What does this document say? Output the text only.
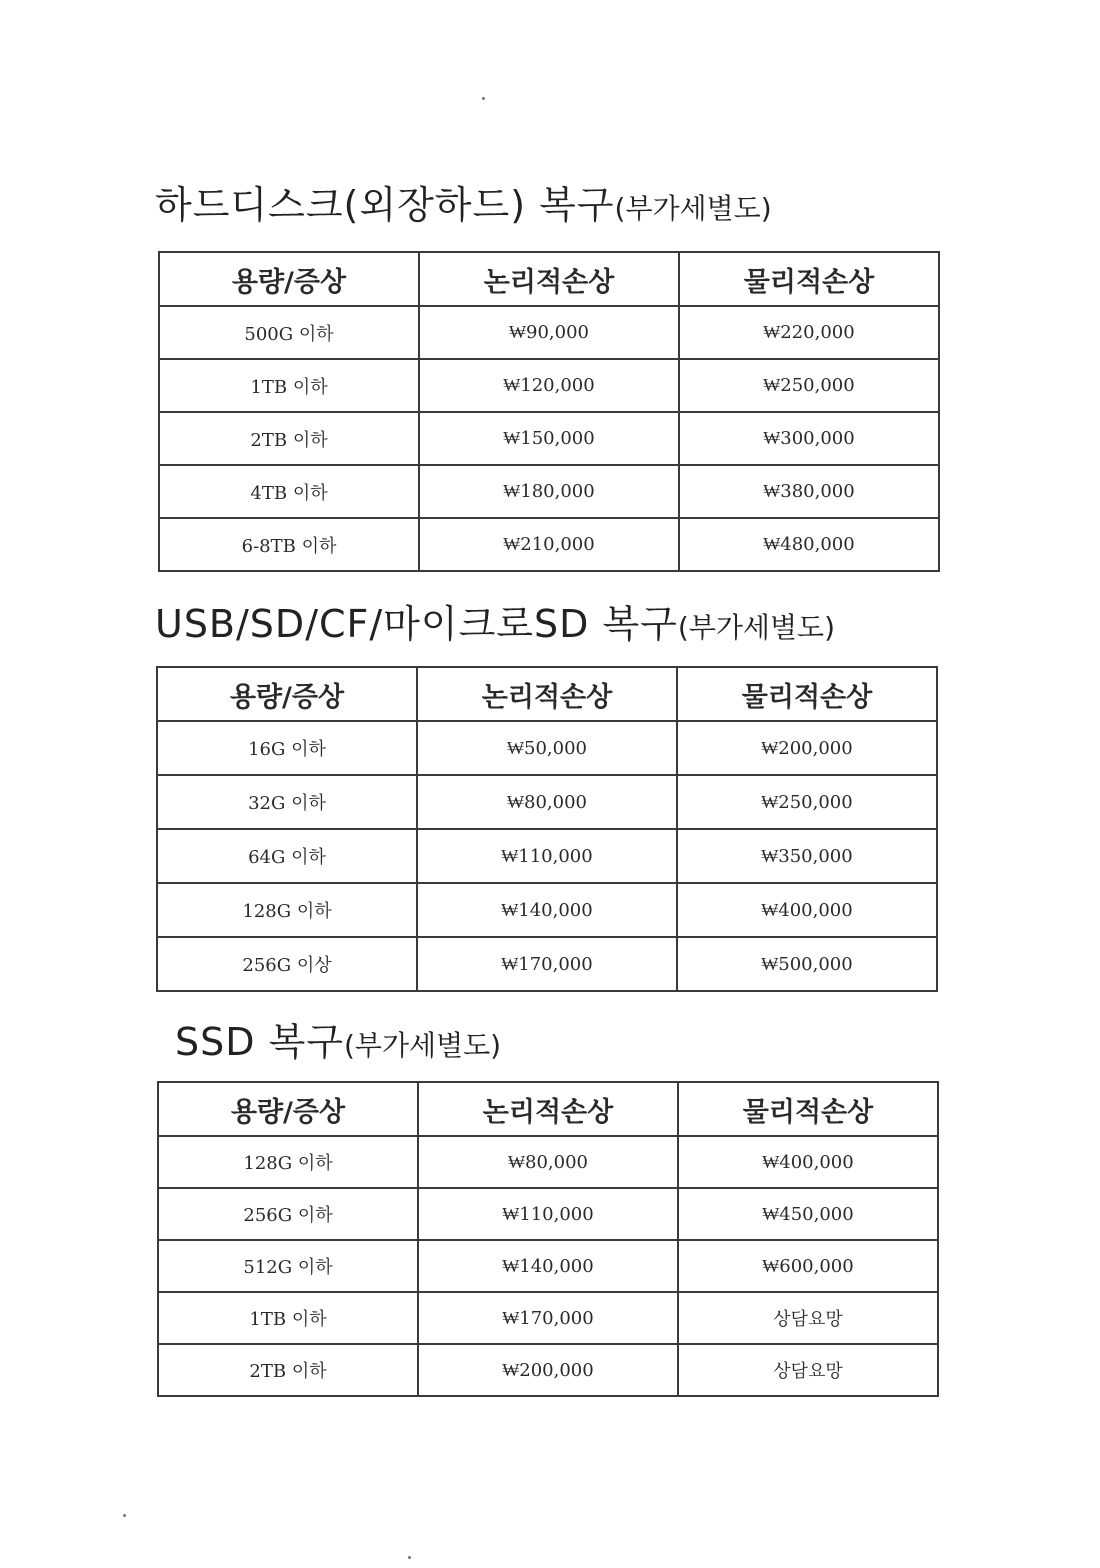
하드디스크(외장하드) 복구(부가세별도)
용량/증상	논리적손상	물리적손상
500G 이하	₩90,000	₩220,000
1TB 이하	₩120,000	₩250,000
2TB 이하	₩150,000	₩300,000
4TB 이하	₩180,000	₩380,000
6-8TB 이하	₩210,000	₩480,000
USB/SD/CF/마이크로SD 복구(부가세별도)
용량/증상	논리적손상	물리적손상
16G 이하	₩50,000	₩200,000
32G 이하	₩80,000	₩250,000
64G 이하	₩110,000	₩350,000
128G 이하	₩140,000	₩400,000
256G 이상	₩170,000	₩500,000
SSD 복구(부가세별도)
용량/증상	논리적손상	물리적손상
128G 이하	₩80,000	₩400,000
256G 이하	₩110,000	₩450,000
512G 이하	₩140,000	₩600,000
1TB 이하	₩170,000	상담요망
2TB 이하	₩200,000	상담요망
